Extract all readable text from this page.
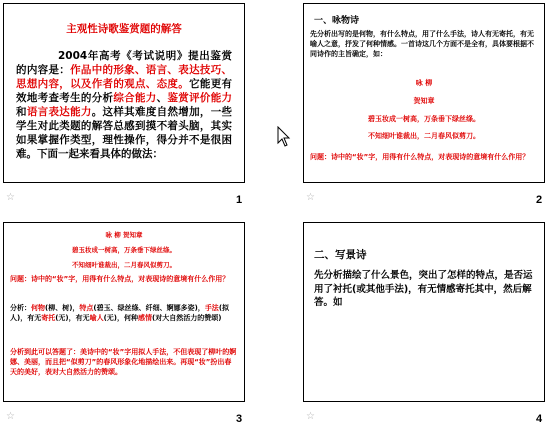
主观性诗歌鉴赏题的解答
2004年高考《考试说明》提出鉴赏的内容是：作品中的形象、语言、表达技巧、思想内容，以及作者的观点、态度。它能更有效地考查考生的分析综合能力、鉴赏评价能力和语言表达能力。这样其难度自然增加，一些学生对此类题的解答总感到摸不着头脑，其实如果掌握作类型，理性操作，得分并不是很困难。下面一起来看具体的做法：
☆	1
一、咏物诗
先分析出写的是何物，有什么特点，用了什么手法，诗人有无寄托，有无喻人之意，抒发了何种情感。一首诗这几个方面不是全有，具体要根据不同诗作的主旨确定，如：
咏 柳
贺知章
碧玉妆成一树高，万条垂下绿丝绦。
不知细叶谁裁出，二月春风似剪刀。
问题：诗中的“妆”字，用得有什么特点，对表现诗的意境有什么作用？
☆	2
咏 柳 贺知章
碧玉妆成一树高，万条垂下绿丝绦。
不知细叶谁裁出，二月春风似剪刀。
问题：诗中的“妆”字，用得有什么特点，对表现诗的意境有什么作用？
分析：何物(柳、树)，特点(碧玉、绿丝绦、纤细、婀娜多姿)，手法(拟人)，有无寄托(无)，有无喻人(无)，何种感情(对大自然活力的赞颂)
分析到此可以答题了：美诗中的“妆”字用拟人手法，不但表现了柳叶的婀娜、美丽，而且把“似剪刀”的春风形象化地描绘出来。再现“妆”扮出春天的美好，表对大自然活力的赞颂。
☆	3
二、写景诗
先分析描绘了什么景色，突出了怎样的特点，是否运用了衬托(或其他手法)，有无情感寄托其中，然后解答。如
☆	4
